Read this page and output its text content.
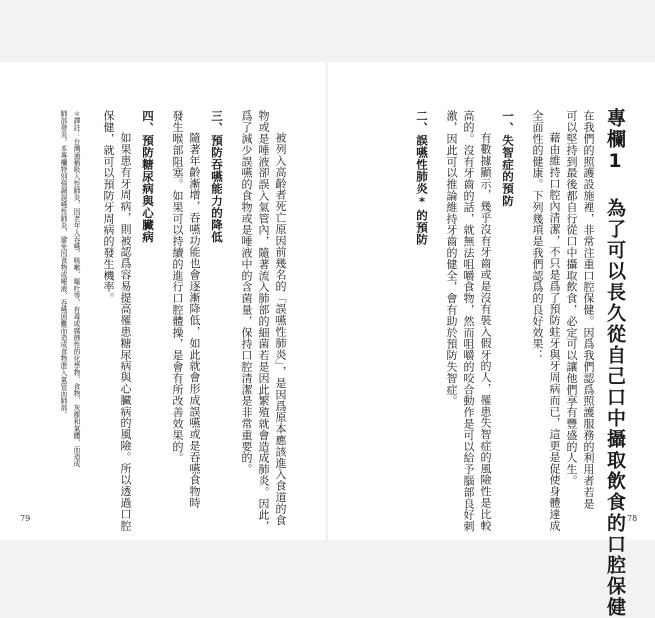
專欄1 為了可以長久從自己口中攝取飲食的口腔保健
在我們的照護設施裡，非常注重口腔保健。因爲我們認爲照護服務的利用者若是
可以堅持到最後都自行從口中攝取飲食，必定可以讓他們享有豐盛的人生。
藉由維持口腔內清潔，不只是爲了預防蛀牙與牙周病而已，這更是促使身體達成
全面性的健康。下列幾項是我們認爲的良好效果：
一、失智症的預防
有數據顯示，幾乎沒有牙齒或是沒有裝入假牙的人，罹患失智症的風險性是比較
高的。沒有牙齒的話，就無法咀嚼食物，然而咀嚼的咬合動作是可以給予腦部良好刺
激，因此可以推論維持牙齒的健全，會有助於預防失智症。
二、誤嚥性肺炎*的預防
78
被列入高齡者死亡原因前幾名的「誤嚥性肺炎」，是因爲原本應該進入食道的食
物或是唾液卻誤入氣管內，隨著流入肺部的細菌若是因此繁殖就會造成肺炎。因此，
爲了減少誤嚥的食物或是唾液中的含菌量，保持口腔清潔是非常重要的。
三、預防吞嚥能力的降低
隨著年齡漸增，吞嚥功能也會逐漸降低，如此就會形成誤嚥或是吞嚥食物時
發生喉部阻塞。如果可以持續的進行口腔體操，是會有所改善效果的。
四、預防糖尿病與心臟病
如果患有牙周病，則被認爲容易提高罹患糖尿病與心臟病的風險。所以透過口腔
保健，就可以預防牙周病的發生機率。
＊譯註：台灣通稱吸入性肺炎，因老年人吞嚥、咳嗽、嘔吐等，有毒或腐蝕性的化學物、食物、灰塵和氣體，而造成
肺部發炎。本專欄特別強調誤嚥性肺炎，避免因食物或唾液、吞嚥困難而造成食物進入氣管而肺部。
79
